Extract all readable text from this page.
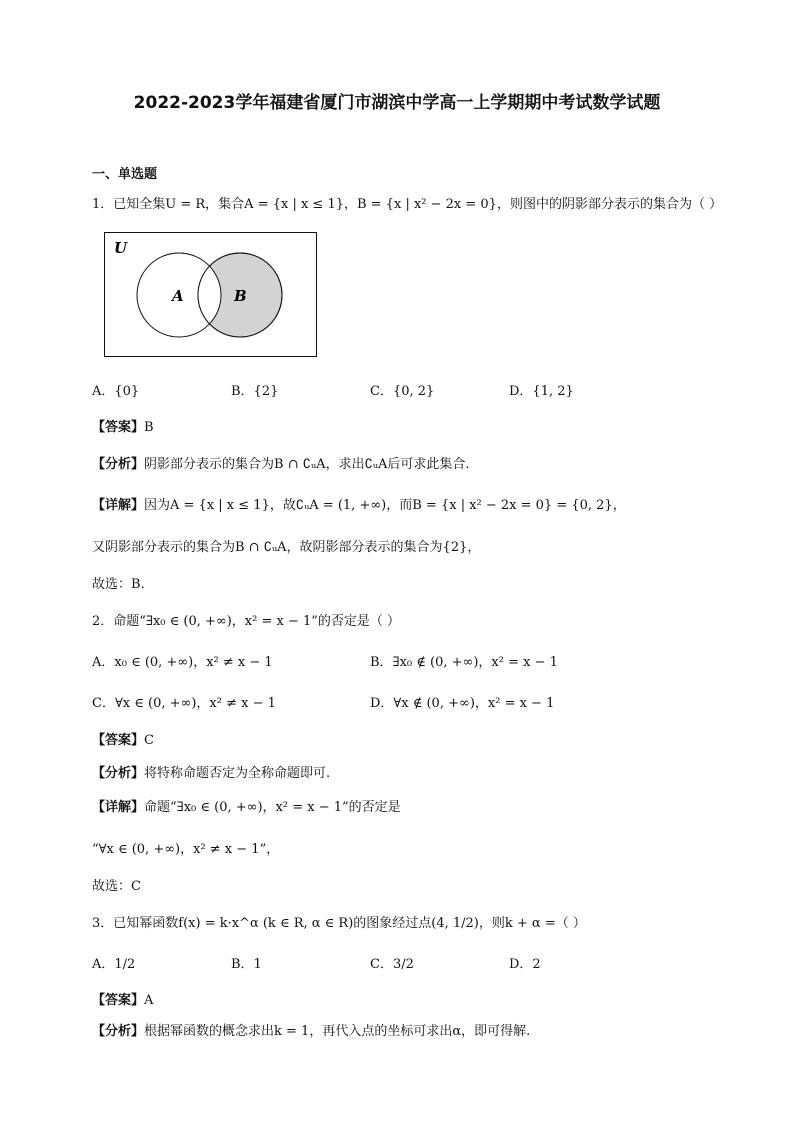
2022-2023学年福建省厦门市湖滨中学高一上学期期中考试数学试题
一、单选题
1．已知全集U = R，集合A = {x | x ≤ 1}，B = {x | x² − 2x = 0}，则图中的阴影部分表示的集合为（ ）
U
A	B
A．{0}	B．{2}	C．{0, 2}	D．{1, 2}
【答案】B
【分析】阴影部分表示的集合为B ∩ ∁ᵤA，求出∁ᵤA后可求此集合.
【详解】因为A = {x | x ≤ 1}，故∁ᵤA = (1, +∞)，而B = {x | x² − 2x = 0} = {0, 2}，
又阴影部分表示的集合为B ∩ ∁ᵤA，故阴影部分表示的集合为{2}，
故选：B.
2．命题“∃x₀ ∈ (0, +∞)，x² = x − 1”的否定是（ ）
A．x₀ ∈ (0, +∞)，x² ≠ x − 1	B．∃x₀ ∉ (0, +∞)，x² = x − 1
C．∀x ∈ (0, +∞)，x² ≠ x − 1	D．∀x ∉ (0, +∞)，x² = x − 1
【答案】C
【分析】将特称命题否定为全称命题即可.
【详解】命题“∃x₀ ∈ (0, +∞)，x² = x − 1”的否定是
“∀x ∈ (0, +∞)，x² ≠ x − 1”，
故选：C
3．已知幂函数f(x) = k·x^α (k ∈ R, α ∈ R)的图象经过点(4, 1/2)，则k + α =（ ）
A．1/2	B．1	C．3/2	D．2
【答案】A
【分析】根据幂函数的概念求出k = 1，再代入点的坐标可求出α，即可得解.
